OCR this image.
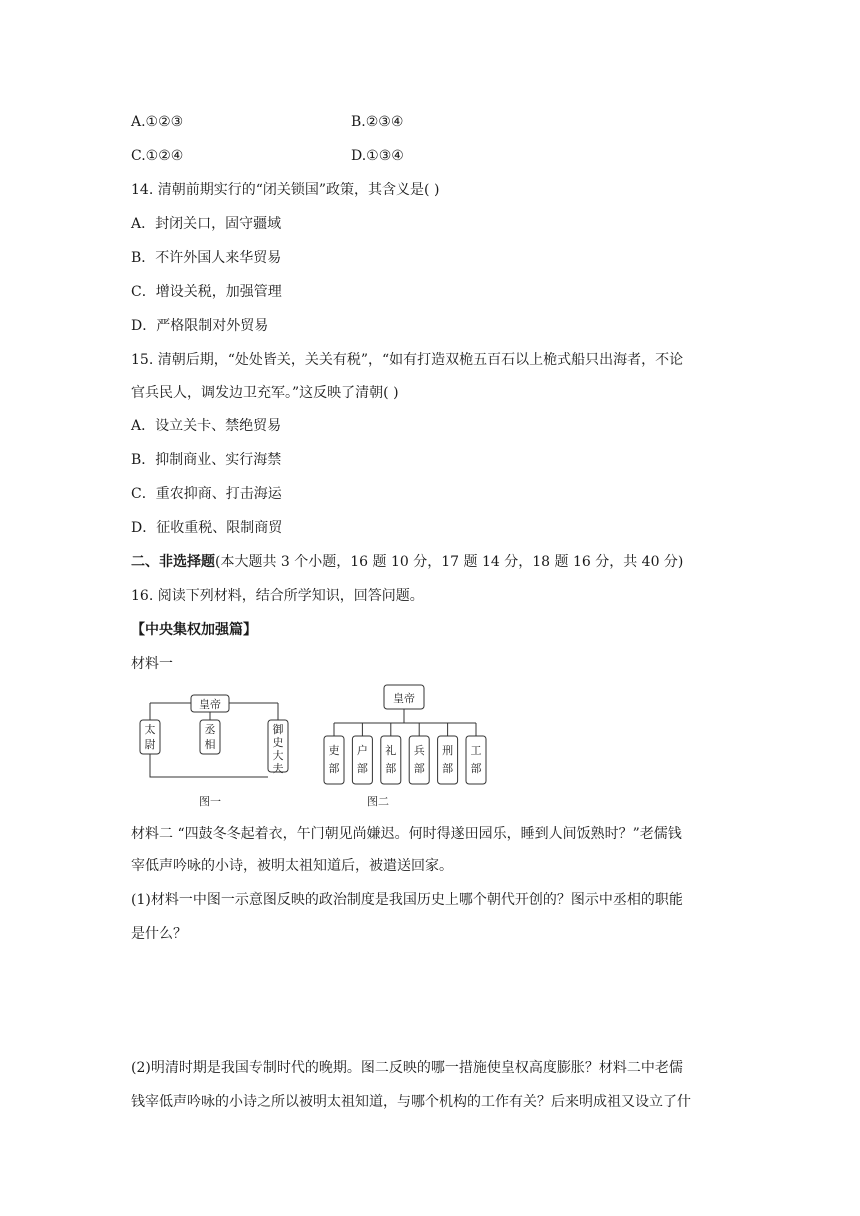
A.①②③	B.②③④
C.①②④	D.①③④
14. 清朝前期实行的“闭关锁国”政策，其含义是( )
A．封闭关口，固守疆域
B．不许外国人来华贸易
C．增设关税，加强管理
D．严格限制对外贸易
15. 清朝后期，“处处皆关，关关有税”，“如有打造双桅五百石以上桅式船只出海者，不论
官兵民人，调发边卫充军。”这反映了清朝( )
A．设立关卡、禁绝贸易
B．抑制商业、实行海禁
C．重农抑商、打击海运
D．征收重税、限制商贸
二、非选择题(本大题共 3 个小题，16 题 10 分，17 题 14 分，18 题 16 分，共 40 分)
16. 阅读下列材料，结合所学知识，回答问题。
【中央集权加强篇】
材料一
皇帝
太尉
丞相
御史大夫
图一
皇帝
吏部
户部
礼部
兵部
刑部
工部
图二
材料二 “四鼓冬冬起着衣，午门朝见尚嫌迟。何时得遂田园乐，睡到人间饭熟时？”老儒钱
宰低声吟咏的小诗，被明太祖知道后，被遣送回家。
(1)材料一中图一示意图反映的政治制度是我国历史上哪个朝代开创的？图示中丞相的职能
是什么？
(2)明清时期是我国专制时代的晚期。图二反映的哪一措施使皇权高度膨胀？材料二中老儒
钱宰低声吟咏的小诗之所以被明太祖知道，与哪个机构的工作有关？后来明成祖又设立了什
